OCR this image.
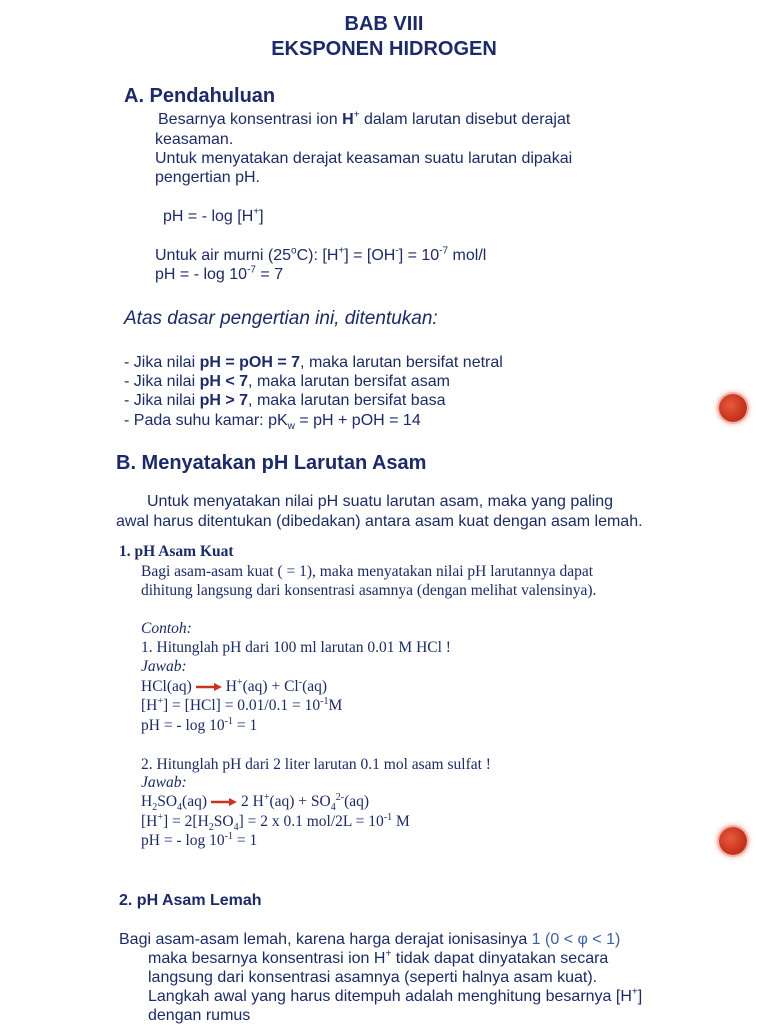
BAB VIII
EKSPONEN HIDROGEN
A. Pendahuluan
Besarnya konsentrasi ion H+ dalam larutan disebut derajat
keasaman.
Untuk menyatakan derajat keasaman suatu larutan dipakai
pengertian pH.
pH = - log [H+]
Untuk air murni (25$^o$C): $[H^+] = [OH^-] = 10^{-7}$ mol/l
pH = - $\log 10^{-7} = 7$
Atas dasar pengertian ini, ditentukan:
- Jika nilai pH = pOH = 7, maka larutan bersifat netral
- Jika nilai pH < 7, maka larutan bersifat asam
- Jika nilai pH > 7, maka larutan bersifat basa
- Pada suhu kamar: $pK_w$ = pH + pOH = 14
B. Menyatakan pH Larutan Asam
Untuk menyatakan nilai pH suatu larutan asam, maka yang paling
awal harus ditentukan (dibedakan) antara asam kuat dengan asam lemah.
1. pH Asam Kuat
Bagi asam-asam kuat ( = 1), maka menyatakan nilai pH larutannya dapat
dihitung langsung dari konsentrasi asamnya (dengan melihat valensinya).
Contoh:
1. Hitunglah pH dari 100 ml larutan 0.01 M HCl !
Jawab:
HCl(aq) → H+(aq) + Cl-(aq)
$[H^+] = [HCl] = 0.01/0.1 = 10^{-1}M$
pH = - $\log 10^{-1} = 1$
2. Hitunglah pH dari 2 liter larutan 0.1 mol asam sulfat !
Jawab:
$H_2SO_4(aq) \to 2$ $H^+(aq) + SO_4^{2-}(aq)$
$[H^+] = 2[H_2SO_4] = 2$ x 0.1 $mol/2L = 10^{-1}$ M
pH = - $\log 10^{-1} = 1$
2. pH Asam Lemah
Bagi asam-asam lemah, karena harga derajat ionisasinya 1 (0 < φ < 1)
maka besarnya konsentrasi ion H+ tidak dapat dinyatakan secara
langsung dari konsentrasi asamnya (seperti halnya asam kuat).
Langkah awal yang harus ditempuh adalah menghitung besarnya [H+]
dengan rumus
